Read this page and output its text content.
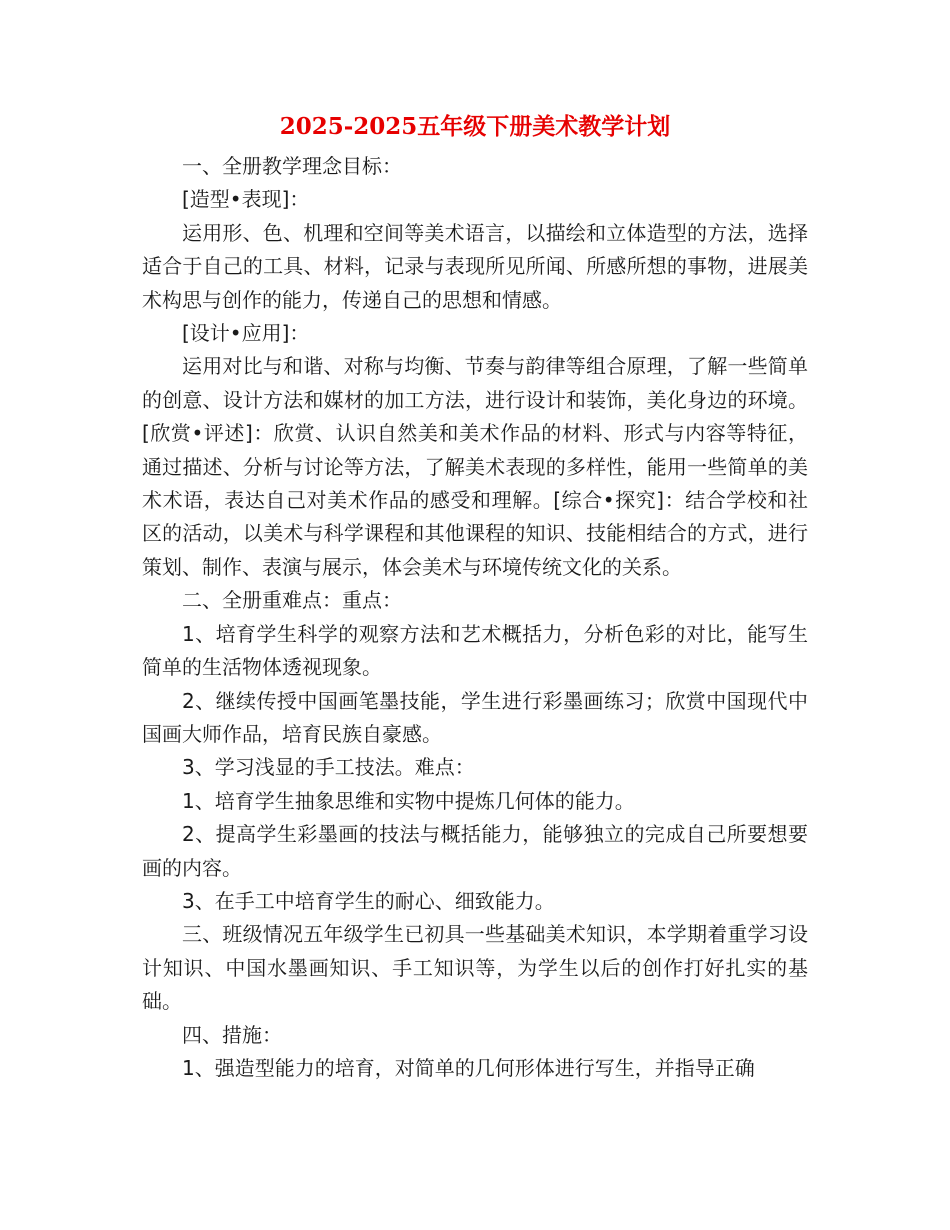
2025-2025五年级下册美术教学计划

一、全册教学理念目标：

[造型•表现]：

运用形、色、机理和空间等美术语言，以描绘和立体造型的方法，选择适合于自己的工具、材料，记录与表现所见所闻、所感所想的事物，进展美术构思与创作的能力，传递自己的思想和情感。

[设计•应用]：

运用对比与和谐、对称与均衡、节奏与韵律等组合原理，了解一些简单的创意、设计方法和媒材的加工方法，进行设计和装饰，美化身边的环境。[欣赏•评述]：欣赏、认识自然美和美术作品的材料、形式与内容等特征，通过描述、分析与讨论等方法，了解美术表现的多样性，能用一些简单的美术术语，表达自己对美术作品的感受和理解。[综合•探究]：结合学校和社区的活动，以美术与科学课程和其他课程的知识、技能相结合的方式，进行策划、制作、表演与展示，体会美术与环境传统文化的关系。

二、全册重难点：重点：

1、培育学生科学的观察方法和艺术概括力，分析色彩的对比，能写生简单的生活物体透视现象。

2、继续传授中国画笔墨技能，学生进行彩墨画练习；欣赏中国现代中国画大师作品，培育民族自豪感。

3、学习浅显的手工技法。难点：

1、培育学生抽象思维和实物中提炼几何体的能力。

2、提高学生彩墨画的技法与概括能力，能够独立的完成自己所要想要画的内容。

3、在手工中培育学生的耐心、细致能力。

三、班级情况五年级学生已初具一些基础美术知识，本学期着重学习设计知识、中国水墨画知识、手工知识等，为学生以后的创作打好扎实的基础。

四、措施：

1、强造型能力的培育，对简单的几何形体进行写生，并指导正确
